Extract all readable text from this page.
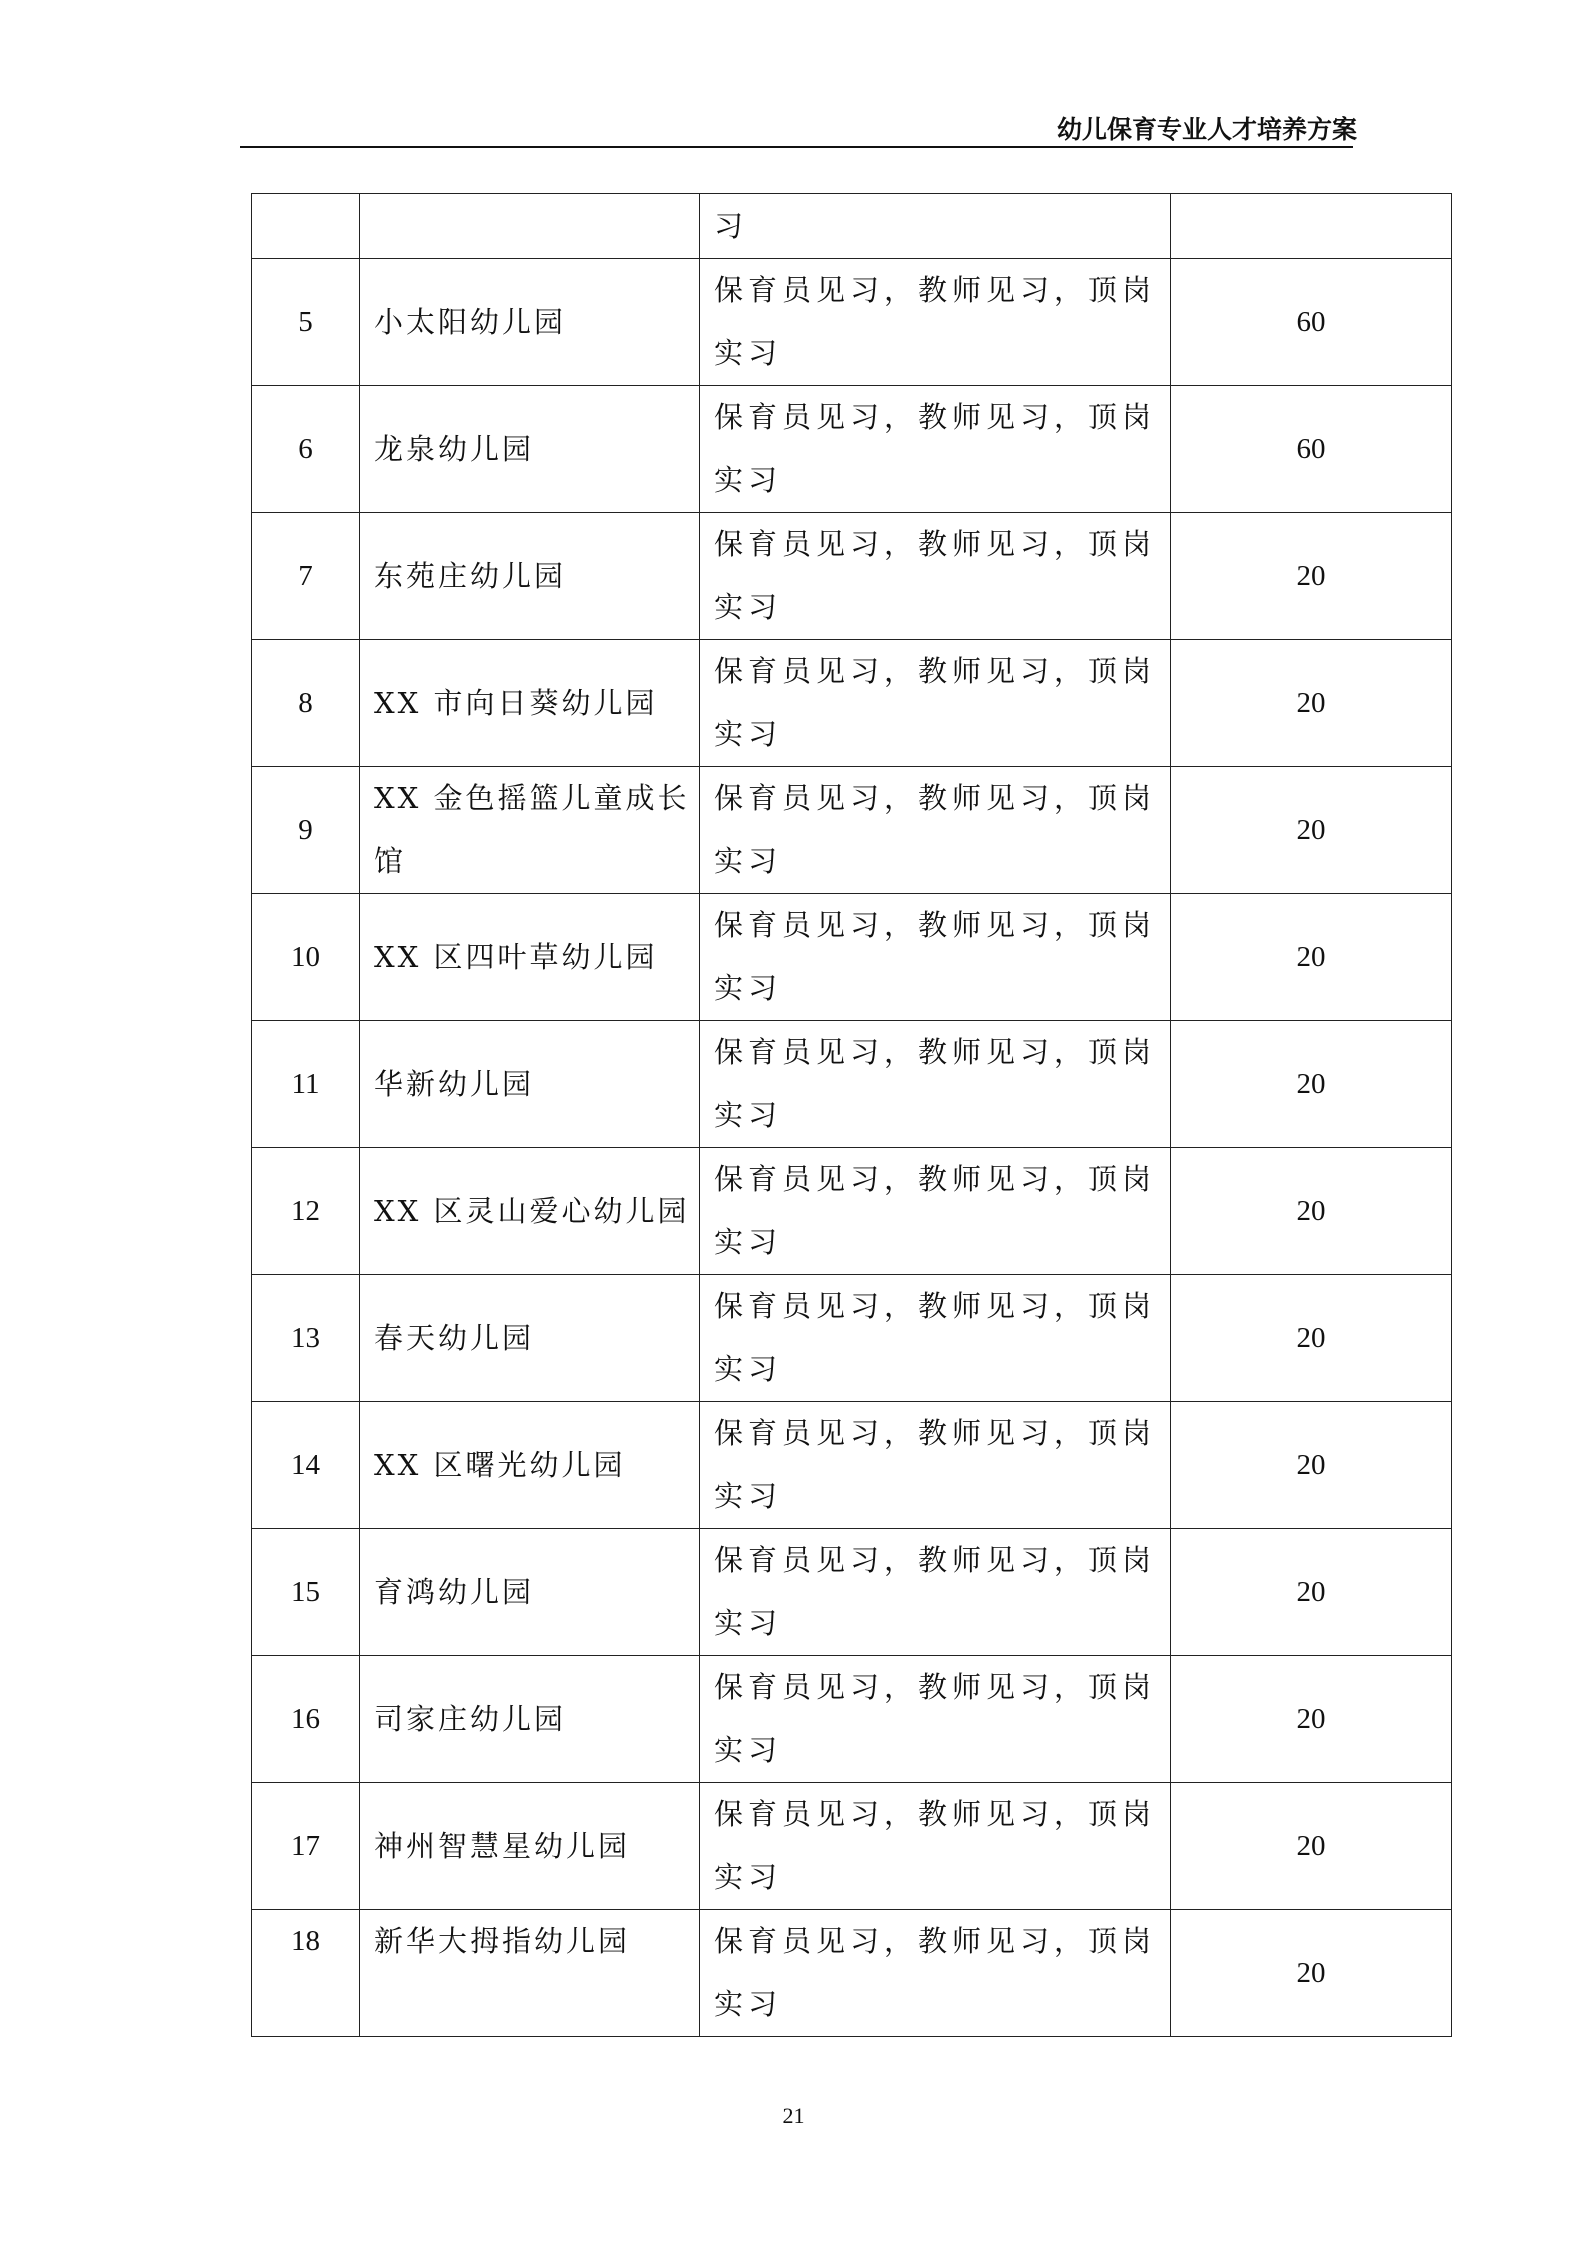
幼儿保育专业人才培养方案
		习	
5	小太阳幼儿园	保育员见习，教师见习，顶岗实习	60
6	龙泉幼儿园	保育员见习，教师见习，顶岗实习	60
7	东苑庄幼儿园	保育员见习，教师见习，顶岗实习	20
8	XX 市向日葵幼儿园	保育员见习，教师见习，顶岗实习	20
9	XX 金色摇篮儿童成长馆	保育员见习，教师见习，顶岗实习	20
10	XX 区四叶草幼儿园	保育员见习，教师见习，顶岗实习	20
11	华新幼儿园	保育员见习，教师见习，顶岗实习	20
12	XX 区灵山爱心幼儿园	保育员见习，教师见习，顶岗实习	20
13	春天幼儿园	保育员见习，教师见习，顶岗实习	20
14	XX 区曙光幼儿园	保育员见习，教师见习，顶岗实习	20
15	育鸿幼儿园	保育员见习，教师见习，顶岗实习	20
16	司家庄幼儿园	保育员见习，教师见习，顶岗实习	20
17	神州智慧星幼儿园	保育员见习，教师见习，顶岗实习	20
18	新华大拇指幼儿园	保育员见习，教师见习，顶岗实习	20
21
